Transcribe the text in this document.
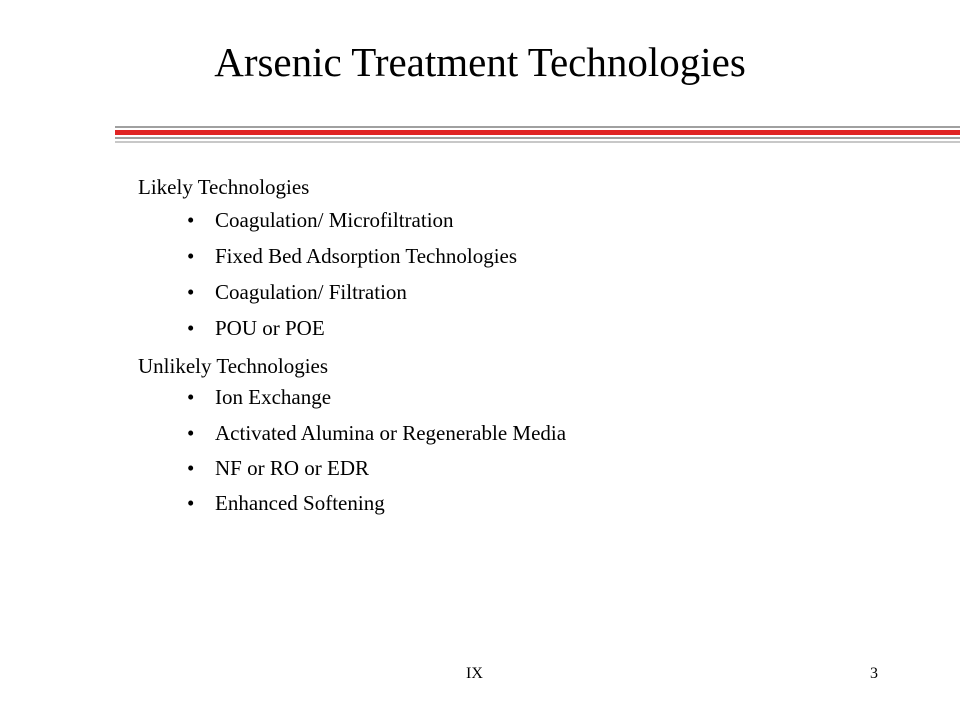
Arsenic Treatment Technologies
Likely Technologies
• Coagulation/ Microfiltration
• Fixed Bed Adsorption Technologies
• Coagulation/ Filtration
• POU or POE
Unlikely Technologies
• Ion Exchange
• Activated Alumina or Regenerable Media
• NF or RO or EDR
• Enhanced Softening
IX	3
